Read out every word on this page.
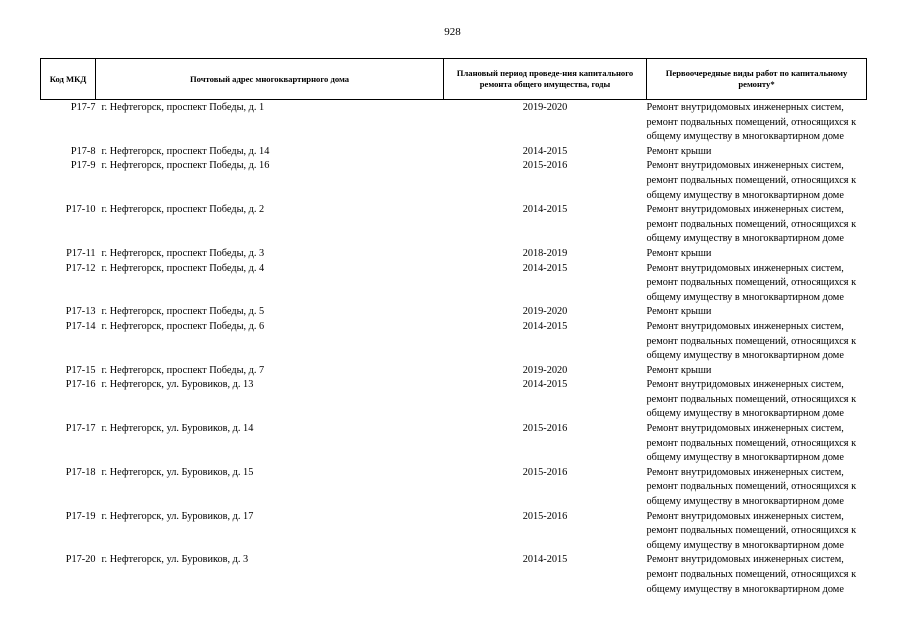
928
Код МКД	Почтовый адрес многоквартирного дома	Плановый период проведе-ния капитального ремонта общего имущества, годы	Первоочередные виды работ по капитальному ремонту*
Р17-7	г. Нефтегорск, проспект Победы, д. 1	2019-2020	Ремонт внутридомовых инженерных систем, ремонт подвальных помещений, относящихся к общему имуществу в многоквартирном доме
Р17-8	г. Нефтегорск, проспект Победы, д. 14	2014-2015	Ремонт крыши
Р17-9	г. Нефтегорск, проспект Победы, д. 16	2015-2016	Ремонт внутридомовых инженерных систем, ремонт подвальных помещений, относящихся к общему имуществу в многоквартирном доме
Р17-10	г. Нефтегорск, проспект Победы, д. 2	2014-2015	Ремонт внутридомовых инженерных систем, ремонт подвальных помещений, относящихся к общему имуществу в многоквартирном доме
Р17-11	г. Нефтегорск, проспект Победы, д. 3	2018-2019	Ремонт крыши
Р17-12	г. Нефтегорск, проспект Победы, д. 4	2014-2015	Ремонт внутридомовых инженерных систем, ремонт подвальных помещений, относящихся к общему имуществу в многоквартирном доме
Р17-13	г. Нефтегорск, проспект Победы, д. 5	2019-2020	Ремонт крыши
Р17-14	г. Нефтегорск, проспект Победы, д. 6	2014-2015	Ремонт внутридомовых инженерных систем, ремонт подвальных помещений, относящихся к общему имуществу в многоквартирном доме
Р17-15	г. Нефтегорск, проспект Победы, д. 7	2019-2020	Ремонт крыши
Р17-16	г. Нефтегорск, ул. Буровиков, д. 13	2014-2015	Ремонт внутридомовых инженерных систем, ремонт подвальных помещений, относящихся к общему имуществу в многоквартирном доме
Р17-17	г. Нефтегорск, ул. Буровиков, д. 14	2015-2016	Ремонт внутридомовых инженерных систем, ремонт подвальных помещений, относящихся к общему имуществу в многоквартирном доме
Р17-18	г. Нефтегорск, ул. Буровиков, д. 15	2015-2016	Ремонт внутридомовых инженерных систем, ремонт подвальных помещений, относящихся к общему имуществу в многоквартирном доме
Р17-19	г. Нефтегорск, ул. Буровиков, д. 17	2015-2016	Ремонт внутридомовых инженерных систем, ремонт подвальных помещений, относящихся к общему имуществу в многоквартирном доме
Р17-20	г. Нефтегорск, ул. Буровиков, д. 3	2014-2015	Ремонт внутридомовых инженерных систем, ремонт подвальных помещений, относящихся к общему имуществу в многоквартирном доме
